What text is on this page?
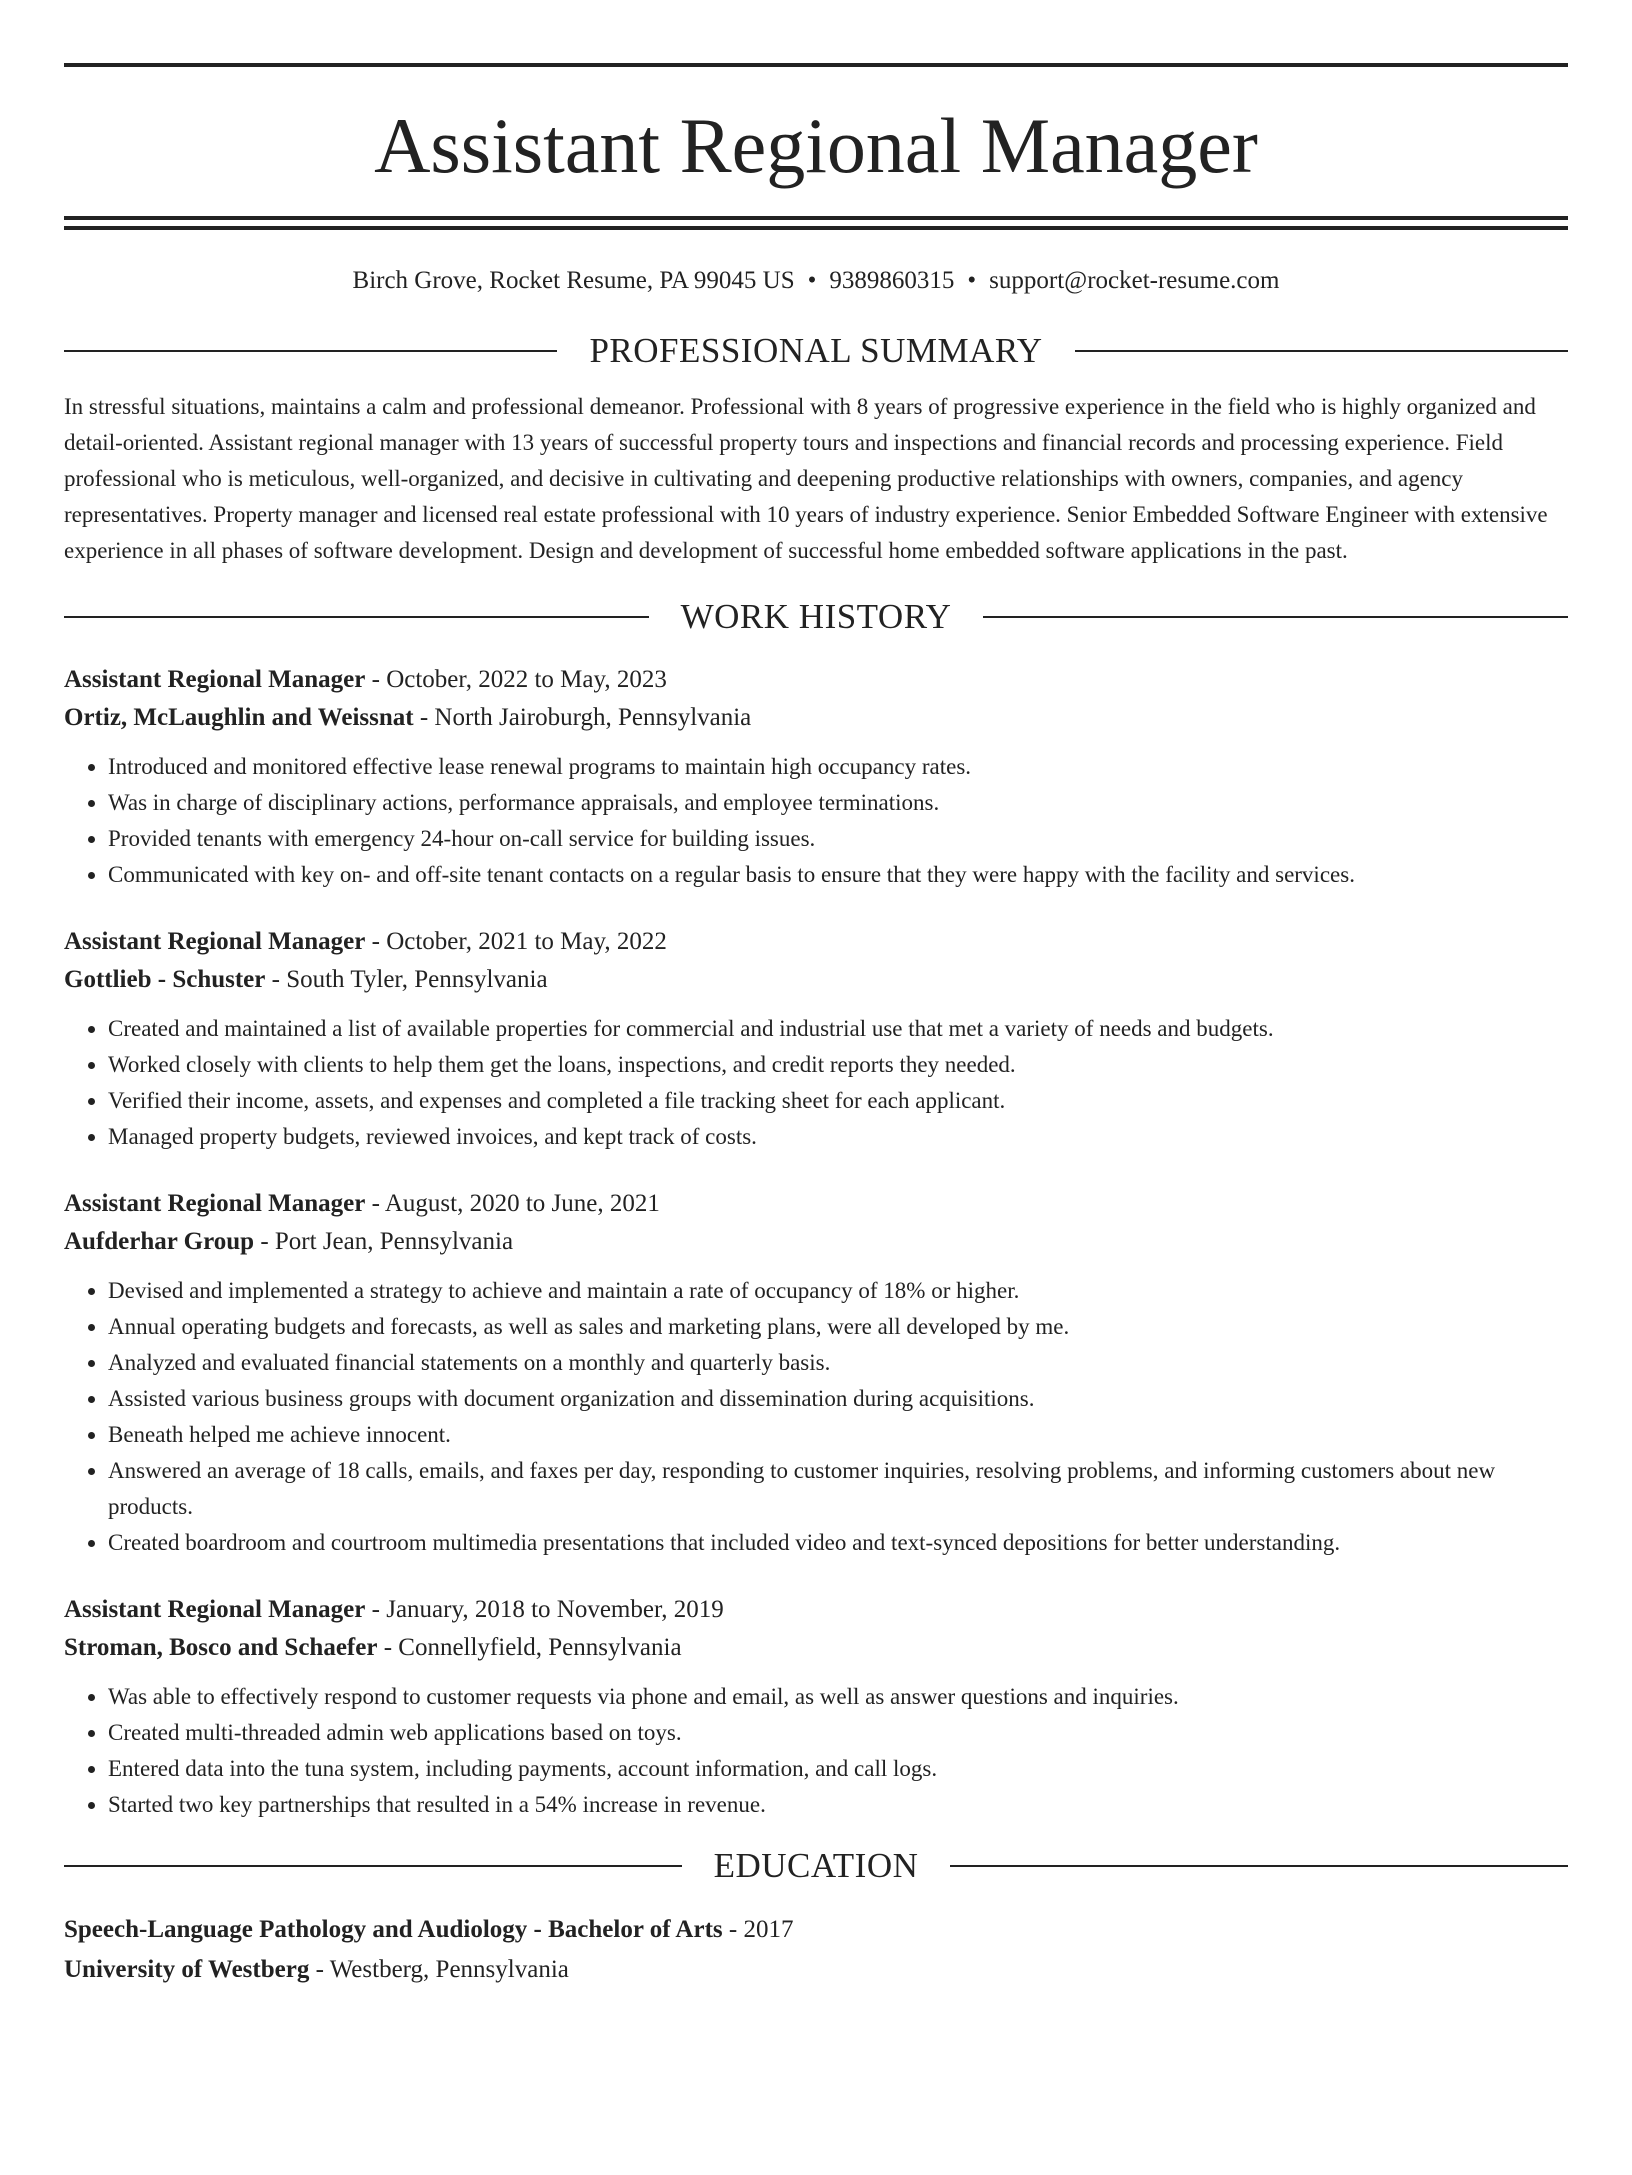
Assistant Regional Manager
Birch Grove, Rocket Resume, PA 99045 US • 9389860315 • support@rocket-resume.com
PROFESSIONAL SUMMARY
In stressful situations, maintains a calm and professional demeanor. Professional with 8 years of progressive experience in the field who is highly organized and detail-oriented. Assistant regional manager with 13 years of successful property tours and inspections and financial records and processing experience. Field professional who is meticulous, well-organized, and decisive in cultivating and deepening productive relationships with owners, companies, and agency representatives. Property manager and licensed real estate professional with 10 years of industry experience. Senior Embedded Software Engineer with extensive experience in all phases of software development. Design and development of successful home embedded software applications in the past.
WORK HISTORY
Assistant Regional Manager - October, 2022 to May, 2023
Ortiz, McLaughlin and Weissnat - North Jairoburgh, Pennsylvania
• Introduced and monitored effective lease renewal programs to maintain high occupancy rates.
• Was in charge of disciplinary actions, performance appraisals, and employee terminations.
• Provided tenants with emergency 24-hour on-call service for building issues.
• Communicated with key on- and off-site tenant contacts on a regular basis to ensure that they were happy with the facility and services.
Assistant Regional Manager - October, 2021 to May, 2022
Gottlieb - Schuster - South Tyler, Pennsylvania
• Created and maintained a list of available properties for commercial and industrial use that met a variety of needs and budgets.
• Worked closely with clients to help them get the loans, inspections, and credit reports they needed.
• Verified their income, assets, and expenses and completed a file tracking sheet for each applicant.
• Managed property budgets, reviewed invoices, and kept track of costs.
Assistant Regional Manager - August, 2020 to June, 2021
Aufderhar Group - Port Jean, Pennsylvania
• Devised and implemented a strategy to achieve and maintain a rate of occupancy of 18% or higher.
• Annual operating budgets and forecasts, as well as sales and marketing plans, were all developed by me.
• Analyzed and evaluated financial statements on a monthly and quarterly basis.
• Assisted various business groups with document organization and dissemination during acquisitions.
• Beneath helped me achieve innocent.
• Answered an average of 18 calls, emails, and faxes per day, responding to customer inquiries, resolving problems, and informing customers about new products.
• Created boardroom and courtroom multimedia presentations that included video and text-synced depositions for better understanding.
Assistant Regional Manager - January, 2018 to November, 2019
Stroman, Bosco and Schaefer - Connellyfield, Pennsylvania
• Was able to effectively respond to customer requests via phone and email, as well as answer questions and inquiries.
• Created multi-threaded admin web applications based on toys.
• Entered data into the tuna system, including payments, account information, and call logs.
• Started two key partnerships that resulted in a 54% increase in revenue.
EDUCATION
Speech-Language Pathology and Audiology - Bachelor of Arts - 2017
University of Westberg - Westberg, Pennsylvania
